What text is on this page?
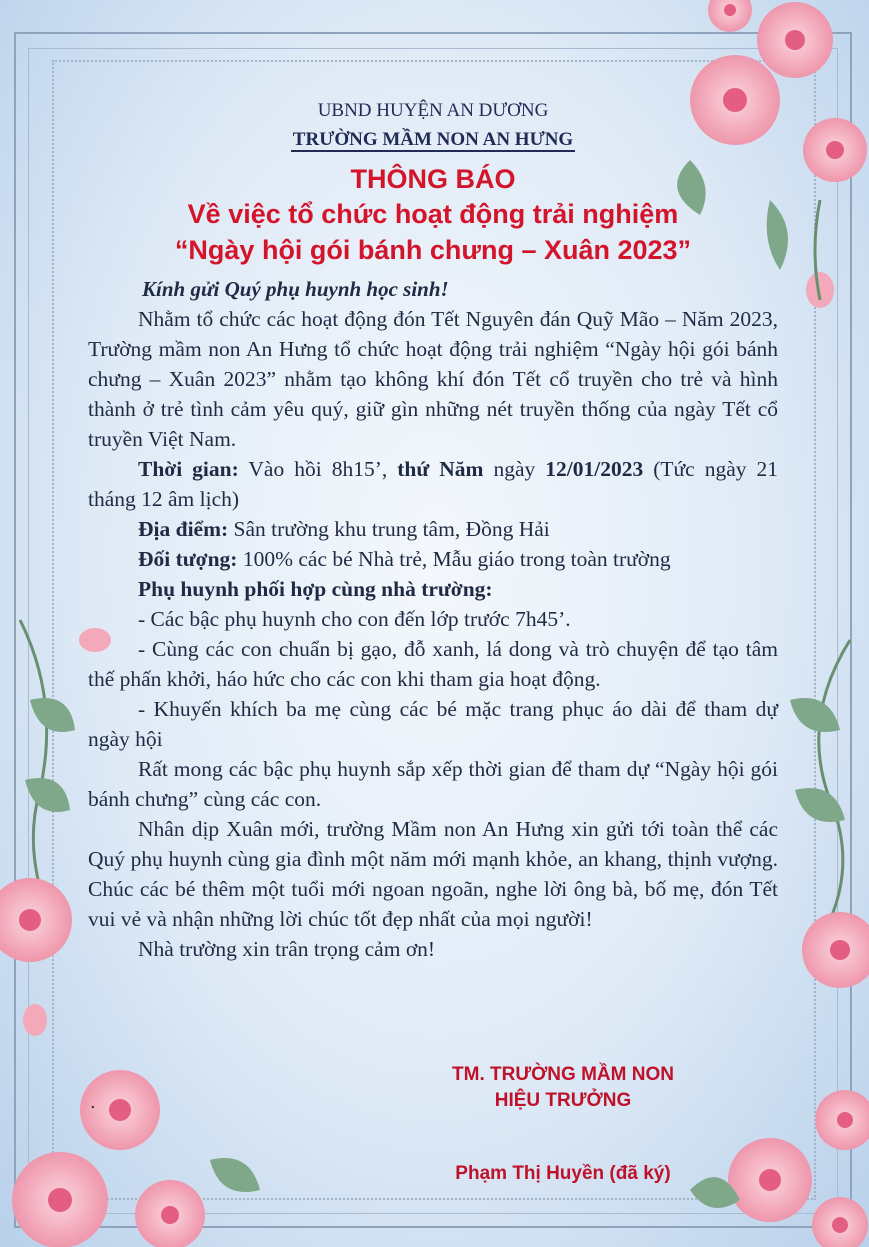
UBND HUYỆN AN DƯƠNG
TRƯỜNG MẦM NON AN HƯNG
THÔNG BÁO
Về việc tổ chức hoạt động trải nghiệm
“Ngày hội gói bánh chưng – Xuân 2023”
Kính gửi Quý phụ huynh học sinh!

Nhằm tổ chức các hoạt động đón Tết Nguyên đán Quỹ Mão – Năm 2023, Trường mầm non An Hưng tổ chức hoạt động trải nghiệm “Ngày hội gói bánh chưng – Xuân 2023” nhằm tạo không khí đón Tết cổ truyền cho trẻ và hình thành ở trẻ tình cảm yêu quý, giữ gìn những nét truyền thống của ngày Tết cổ truyền Việt Nam.

Thời gian: Vào hồi 8h15’, thứ Năm ngày 12/01/2023 (Tức ngày 21 tháng 12 âm lịch)

Địa điểm: Sân trường khu trung tâm, Đồng Hải

Đối tượng: 100% các bé Nhà trẻ, Mẫu giáo trong toàn trường

Phụ huynh phối hợp cùng nhà trường:

- Các bậc phụ huynh cho con đến lớp trước 7h45’.

- Cùng các con chuẩn bị gạo, đỗ xanh, lá dong và trò chuyện để tạo tâm thế phấn khởi, háo hức cho các con khi tham gia hoạt động.

- Khuyến khích ba mẹ cùng các bé mặc trang phục áo dài để tham dự ngày hội

Rất mong các bậc phụ huynh sắp xếp thời gian để tham dự “Ngày hội gói bánh chưng” cùng các con.

Nhân dịp Xuân mới, trường Mầm non An Hưng xin gửi tới toàn thể các Quý phụ huynh cùng gia đình một năm mới mạnh khỏe, an khang, thịnh vượng. Chúc các bé thêm một tuổi mới ngoan ngoãn, nghe lời ông bà, bố mẹ, đón Tết vui vẻ và nhận những lời chúc tốt đẹp nhất của mọi người!

Nhà trường xin trân trọng cảm ơn!

TM. TRƯỜNG MẦM NON
HIỆU TRƯỞNG
Phạm Thị Huyền (đã ký)
.
